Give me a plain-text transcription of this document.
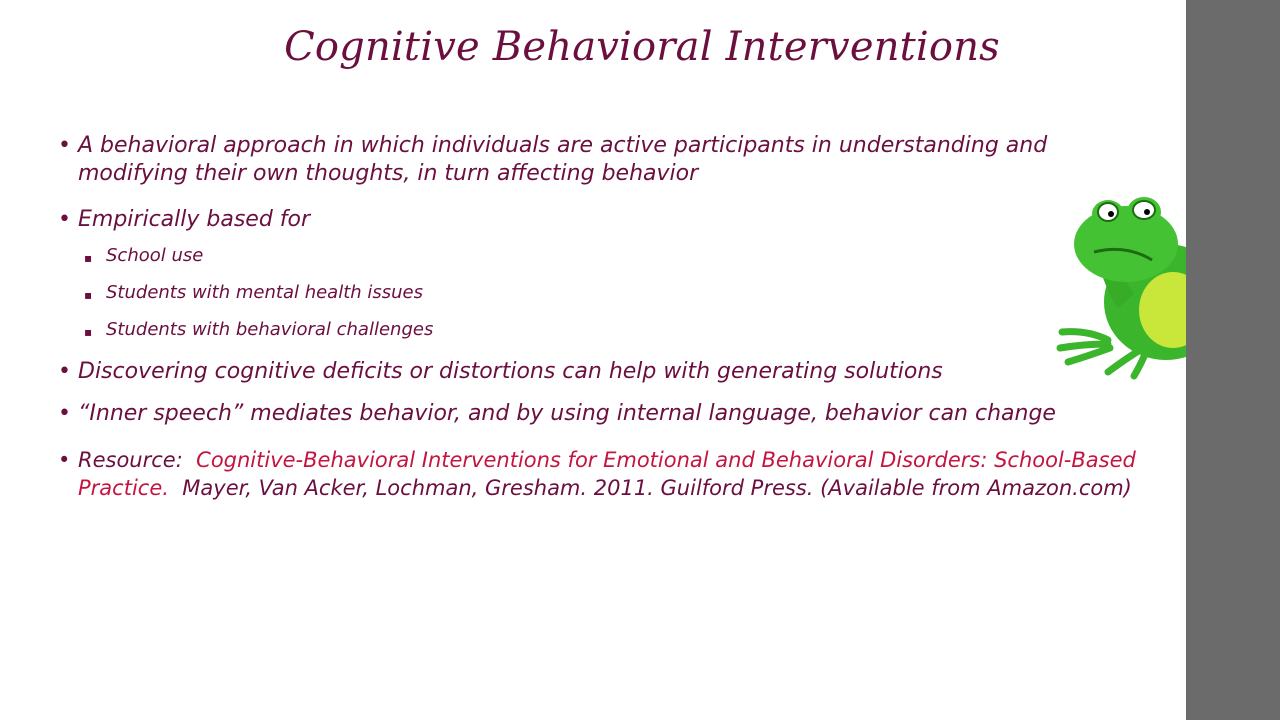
Cognitive Behavioral Interventions
• A behavioral approach in which individuals are active participants in understanding and modifying their own thoughts, in turn affecting behavior
• Empirically based for
▪ School use
▪ Students with mental health issues
▪ Students with behavioral challenges
• Discovering cognitive deficits or distortions can help with generating solutions
• “Inner speech” mediates behavior, and by using internal language, behavior can change
• Resource: Cognitive-Behavioral Interventions for Emotional and Behavioral Disorders: School-Based Practice. Mayer, Van Acker, Lochman, Gresham. 2011. Guilford Press. (Available from Amazon.com)
